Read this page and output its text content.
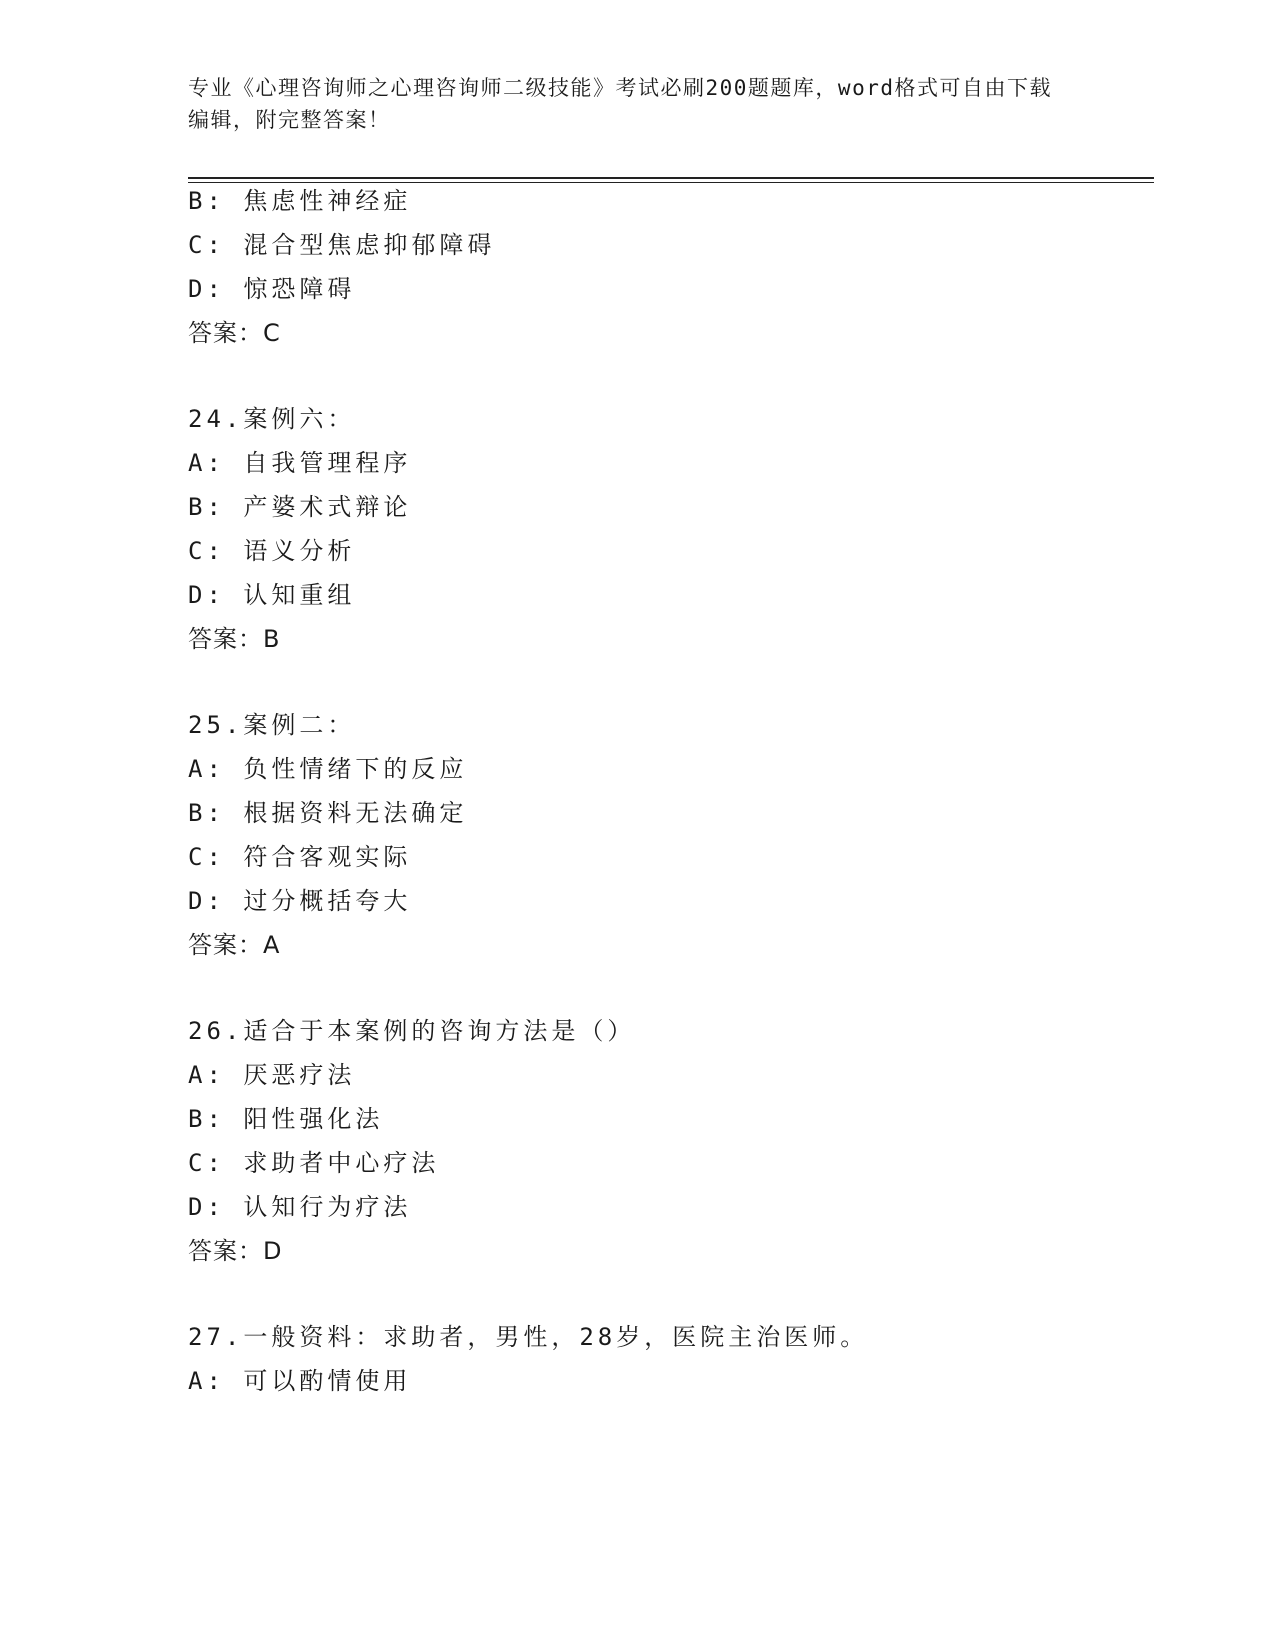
专业《心理咨询师之心理咨询师二级技能》考试必刷200题题库，word格式可自由下载编辑，附完整答案！
B: 焦虑性神经症
C: 混合型焦虑抑郁障碍
D: 惊恐障碍
答案：C
24.案例六：
A: 自我管理程序
B: 产婆术式辩论
C: 语义分析
D: 认知重组
答案：B
25.案例二：
A: 负性情绪下的反应
B: 根据资料无法确定
C: 符合客观实际
D: 过分概括夸大
答案：A
26.适合于本案例的咨询方法是（）
A: 厌恶疗法
B: 阳性强化法
C: 求助者中心疗法
D: 认知行为疗法
答案：D
27.一般资料：求助者，男性，28岁，医院主治医师。
A: 可以酌情使用
